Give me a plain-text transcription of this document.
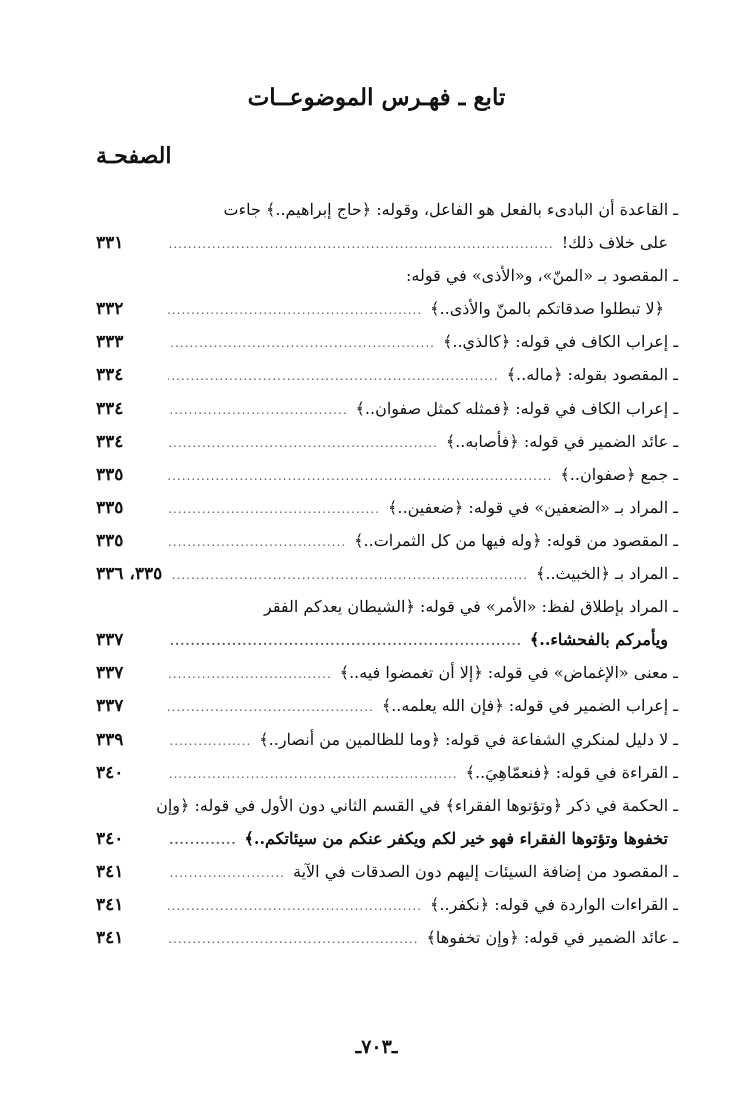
تابع ـ فهـرس الموضوعــات
الصفحـة
ـ القاعدة أن البادىء بالفعل هو الفاعل، وقوله: ﴿حاج إبراهيم..﴾ جاءت
على خلاف ذلك!
.....
٣٣١
ـ المقصود بـ «المنّ»، و«الأذى» في قوله:
﴿لا تبطلوا صدقاتكم بالمنّ والأذى..﴾
.....
٣٣٢
ـ إعراب الكاف في قوله: ﴿كالذي..﴾
.....
٣٣٣
ـ المقصود بقوله: ﴿ماله..﴾
.....
٣٣٤
ـ إعراب الكاف في قوله: ﴿فمثله كمثل صفوان..﴾
.....
٣٣٤
ـ عائد الضمير في قوله: ﴿فأصابه..﴾
.....
٣٣٤
ـ جمع ﴿صفوان..﴾
.....
٣٣٥
ـ المراد بـ «الضعفين» في قوله: ﴿ضعفين..﴾
.....
٣٣٥
ـ المقصود من قوله: ﴿وله فيها من كل الثمرات..﴾
.....
٣٣٥
ـ المراد بـ ﴿الخبيث..﴾
.....
٣٣٥، ٣٣٦
ـ المراد بإطلاق لفظ: «الأمر» في قوله: ﴿الشيطان يعدكم الفقر
ويأمركم بالفحشاء..﴾
.....
٣٣٧
ـ معنى «الإغماض» في قوله: ﴿إلا أن تغمضوا فيه..﴾
.....
٣٣٧
ـ إعراب الضمير في قوله: ﴿فإن الله يعلمه..﴾
.....
٣٣٧
ـ لا دليل لمنكري الشفاعة في قوله: ﴿وما للظالمين من أنصار..﴾
.....
٣٣٩
ـ القراءة في قوله: ﴿فنعمّاهِيَ..﴾
.....
٣٤٠
ـ الحكمة في ذكر ﴿وتؤتوها الفقراء﴾ في القسم الثاني دون الأول في قوله: ﴿وإن
تخفوها وتؤتوها الفقراء فهو خير لكم ويكفر عنكم من سيئاتكم..﴾
.....
٣٤٠
ـ المقصود من إضافة السيئات إليهم دون الصدقات في الآية
.....
٣٤١
ـ القراءات الواردة في قوله: ﴿نكفر..﴾
.....
٣٤١
ـ عائد الضمير في قوله: ﴿وإن تخفوها﴾
.....
٣٤١
ـ٧٠٣ـ
